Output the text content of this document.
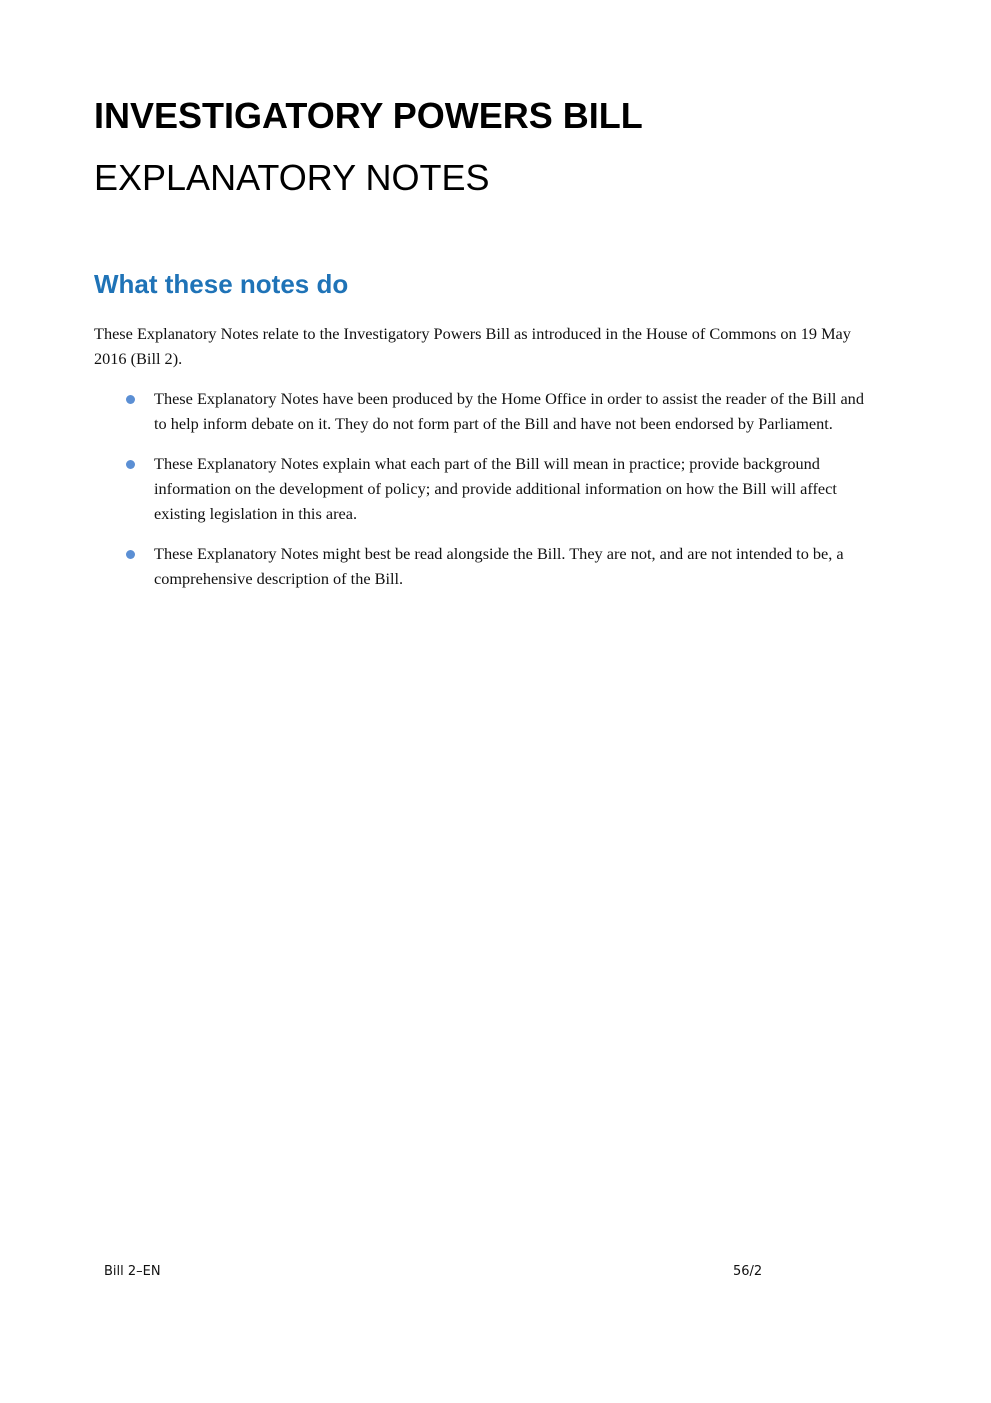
INVESTIGATORY POWERS BILL
EXPLANATORY NOTES
What these notes do

These Explanatory Notes relate to the Investigatory Powers Bill as introduced in the House of Commons on 19 May 2016 (Bill 2).

These Explanatory Notes have been produced by the Home Office in order to assist the reader of the Bill and to help inform debate on it. They do not form part of the Bill and have not been endorsed by Parliament.
These Explanatory Notes explain what each part of the Bill will mean in practice; provide background information on the development of policy; and provide additional information on how the Bill will affect existing legislation in this area.
These Explanatory Notes might best be read alongside the Bill. They are not, and are not intended to be, a comprehensive description of the Bill.

Bill 2–EN	56/2
